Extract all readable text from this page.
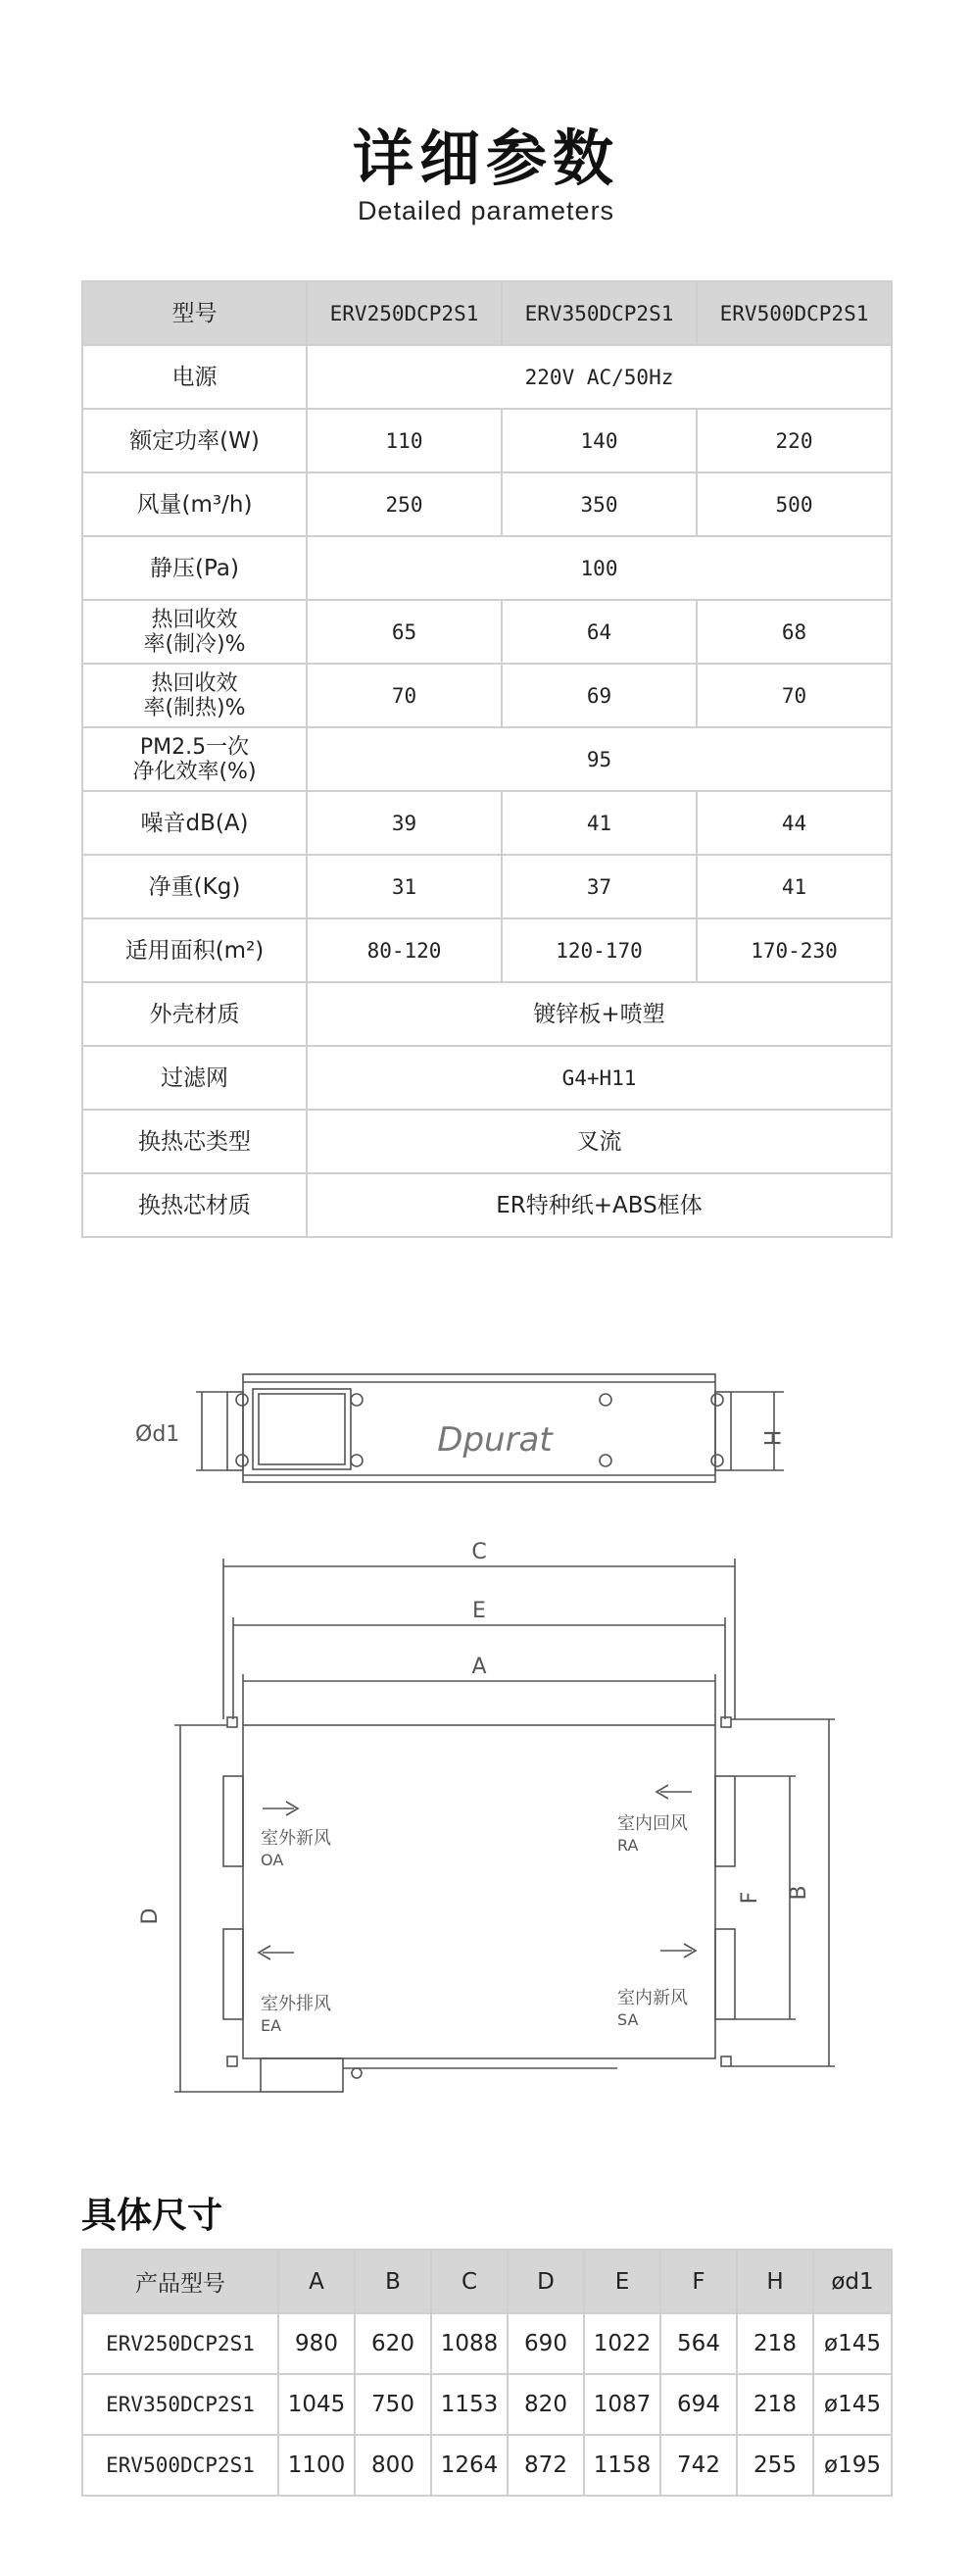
详细参数
Detailed parameters
型号	ERV250DCP2S1	ERV350DCP2S1	ERV500DCP2S1
电源	220V AC/50Hz		
额定功率(W)	110	140	220
风量(m³/h)	250	350	500
静压(Pa)	100		

热回收效
率(制冷)%	65	64	68

热回收效
率(制热)%	70	69	70

PM2.5一次
净化效率(%)	95		
噪音dB(A)	39	41	44
净重(Kg)	31	37	41
适用面积(m²)	80-120	120-170	170-230
外壳材质	镀锌板+喷塑		
过滤网	G4+H11		
换热芯类型	叉流		
换热芯材质	ER特种纸+ABS框体		
Dpurat
Ød1	H
C
E
A
D
F B
室外新风
OA
室外排风
EA
室内回风
RA
室内新风
SA
具体尺寸
产品型号	A	B	C	D	E	F	H	ød1
ERV250DCP2S1	980	620	1088	690	1022	564	218	ø145
ERV350DCP2S1	1045	750	1153	820	1087	694	218	ø145
ERV500DCP2S1	1100	800	1264	872	1158	742	255	ø195
